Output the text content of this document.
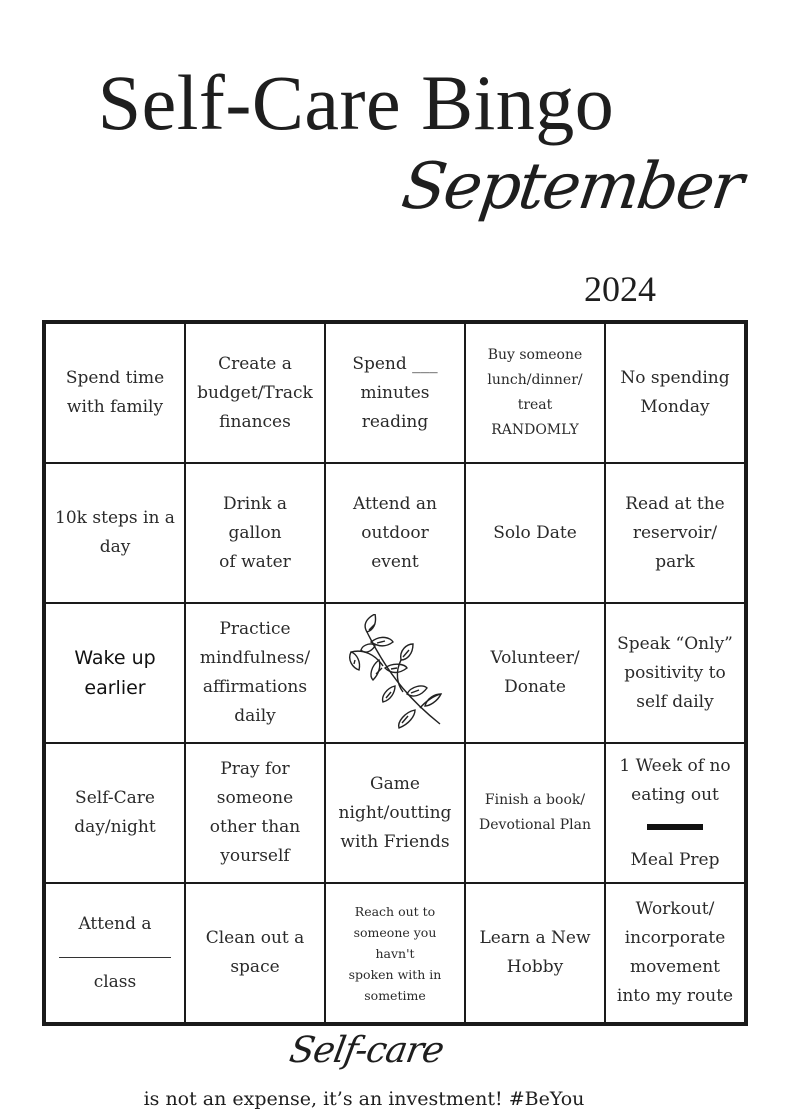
Self-Care Bingo
September
2024
Spend time
with family
Create a
budget/Track
finances
Spend ___
minutes
reading
Buy someone
lunch/dinner/
treat
RANDOMLY
No spending
Monday
10k steps in a
day
Drink a gallon
of water
Attend an
outdoor
event
Solo Date
Read at the
reservoir/
park
Wake up
earlier
Practice
mindfulness/
affirmations
daily
Volunteer/
Donate
Speak “Only”
positivity to
self daily
Self-Care
day/night
Pray for
someone
other than
yourself
Game
night/outting
with Friends
Finish a book/
Devotional Plan
1 Week of no
eating out
Meal Prep
Attend a
class
Clean out a
space
Reach out to
someone you havn't
spoken with in
sometime
Learn a New
Hobby
Workout/
incorporate
movement
into my route
Self-care
is not an expense, it’s an investment! #BeYou
